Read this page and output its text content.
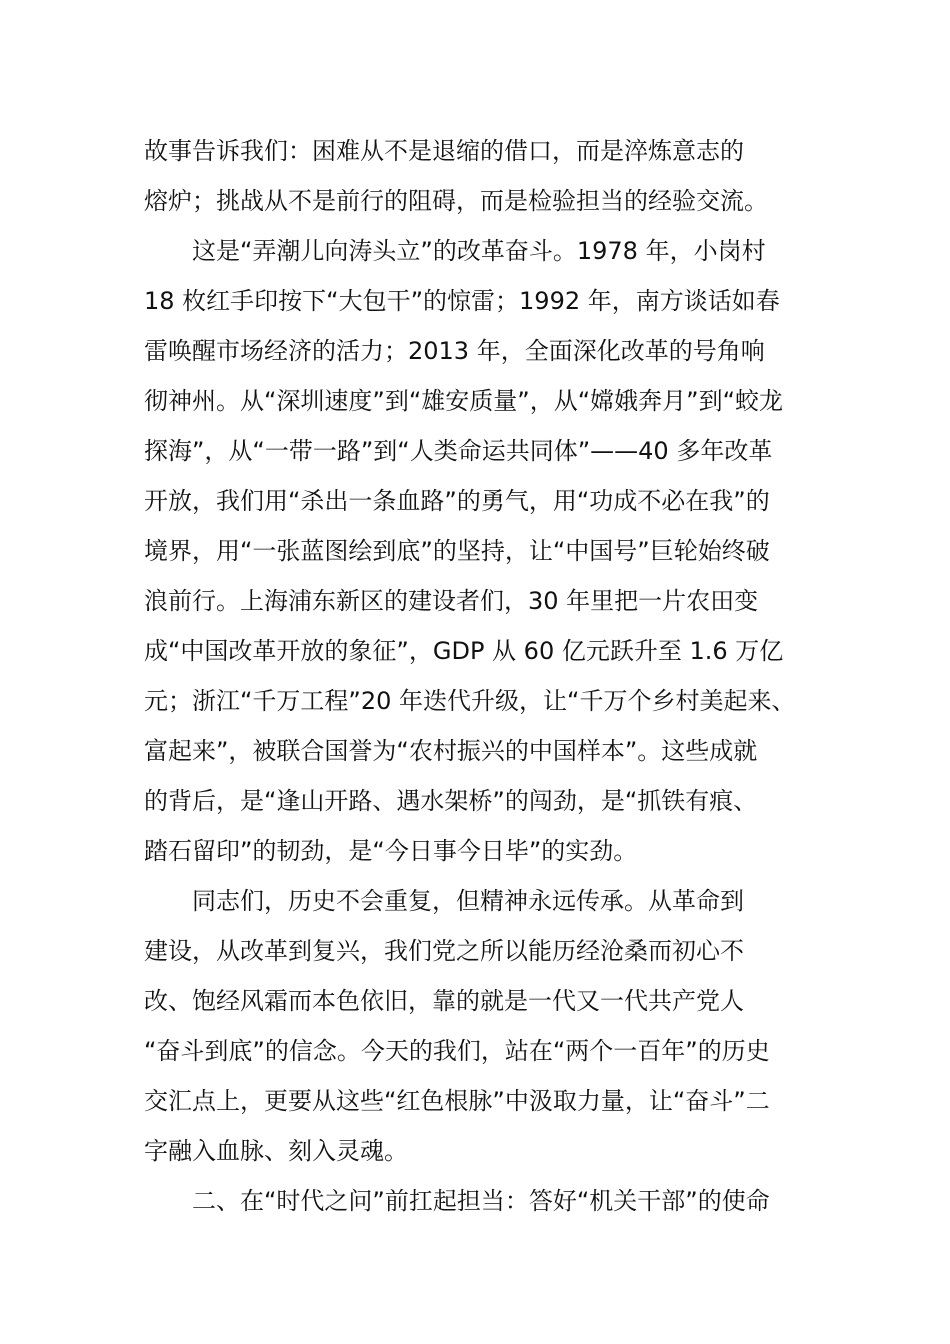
故事告诉我们：困难从不是退缩的借口，而是淬炼意志的
熔炉；挑战从不是前行的阻碍，而是检验担当的经验交流。
这是“弄潮儿向涛头立”的改革奋斗。1978 年，小岗村
18 枚红手印按下“大包干”的惊雷；1992 年，南方谈话如春
雷唤醒市场经济的活力；2013 年，全面深化改革的号角响
彻神州。从“深圳速度”到“雄安质量”，从“嫦娥奔月”到“蛟龙
探海”，从“一带一路”到“人类命运共同体”——40 多年改革
开放，我们用“杀出一条血路”的勇气，用“功成不必在我”的
境界，用“一张蓝图绘到底”的坚持，让“中国号”巨轮始终破
浪前行。上海浦东新区的建设者们，30 年里把一片农田变
成“中国改革开放的象征”，GDP 从 60 亿元跃升至 1.6 万亿
元；浙江“千万工程”20 年迭代升级，让“千万个乡村美起来、
富起来”，被联合国誉为“农村振兴的中国样本”。这些成就
的背后，是“逢山开路、遇水架桥”的闯劲，是“抓铁有痕、
踏石留印”的韧劲，是“今日事今日毕”的实劲。
同志们，历史不会重复，但精神永远传承。从革命到
建设，从改革到复兴，我们党之所以能历经沧桑而初心不
改、饱经风霜而本色依旧，靠的就是一代又一代共产党人
“奋斗到底”的信念。今天的我们，站在“两个一百年”的历史
交汇点上，更要从这些“红色根脉”中汲取力量，让“奋斗”二
字融入血脉、刻入灵魂。
二、在“时代之问”前扛起担当：答好“机关干部”的使命
